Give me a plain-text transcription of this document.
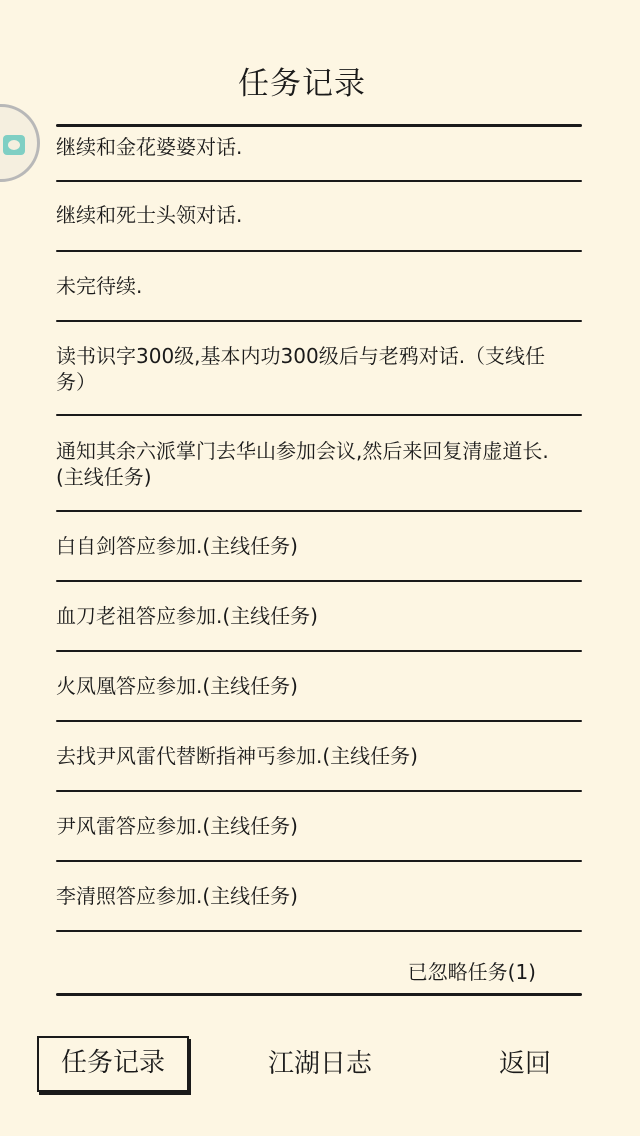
任务记录
继续和金花婆婆对话.
继续和死士头领对话.
未完待续.
读书识字300级,基本内功300级后与老鸦对话.（支线任务）
通知其余六派掌门去华山参加会议,然后来回复清虚道长.(主线任务)
白自剑答应参加.(主线任务)
血刀老祖答应参加.(主线任务)
火凤凰答应参加.(主线任务)
去找尹风雷代替断指神丐参加.(主线任务)
尹风雷答应参加.(主线任务)
李清照答应参加.(主线任务)
已忽略任务(1)
任务记录	江湖日志	返回
